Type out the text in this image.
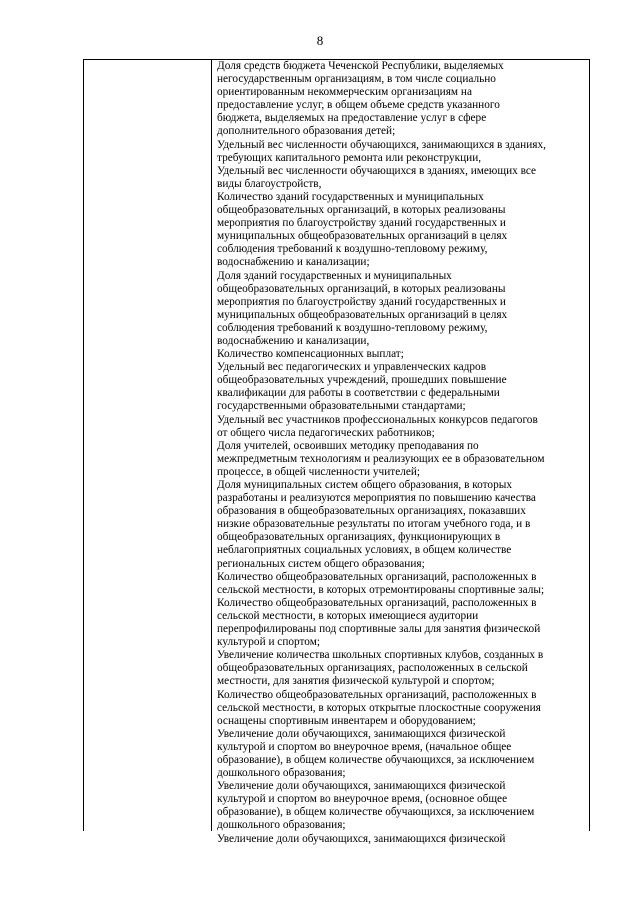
8
Доля средств бюджета Чеченской Республики, выделяемых
негосударственным организациям, в том числе социально
ориентированным некоммерческим организациям на
предоставление услуг, в общем объеме средств указанного
бюджета, выделяемых на предоставление услуг в сфере
дополнительного образования детей;
Удельный вес численности обучающихся, занимающихся в зданиях,
требующих капитального ремонта или реконструкции,
Удельный вес численности обучающихся в зданиях, имеющих все
виды благоустройств,
Количество зданий государственных и муниципальных
общеобразовательных организаций, в которых реализованы
мероприятия по благоустройству зданий государственных и
муниципальных общеобразовательных организаций в целях
соблюдения требований к воздушно-тепловому режиму,
водоснабжению и канализации;
Доля зданий государственных и муниципальных
общеобразовательных организаций, в которых реализованы
мероприятия по благоустройству зданий государственных и
муниципальных общеобразовательных организаций в целях
соблюдения требований к воздушно-тепловому режиму,
водоснабжению и канализации,
Количество компенсационных выплат;
Удельный вес педагогических и управленческих кадров
общеобразовательных учреждений, прошедших повышение
квалификации для работы в соответствии с федеральными
государственными образовательными стандартами;
Удельный вес участников профессиональных конкурсов педагогов
от общего числа педагогических работников;
Доля учителей, освоивших методику преподавания по
межпредметным технологиям и реализующих ее в образовательном
процессе, в общей численности учителей;
Доля муниципальных систем общего образования, в которых
разработаны и реализуются мероприятия по повышению качества
образования в общеобразовательных организациях, показавших
низкие образовательные результаты по итогам учебного года, и в
общеобразовательных организациях, функционирующих в
неблагоприятных социальных условиях, в общем количестве
региональных систем общего образования;
Количество общеобразовательных организаций, расположенных в
сельской местности, в которых отремонтированы спортивные залы;
Количество общеобразовательных организаций, расположенных в
сельской местности, в которых имеющиеся аудитории
перепрофилированы под спортивные залы для занятия физической
культурой и спортом;
Увеличение количества школьных спортивных клубов, созданных в
общеобразовательных организациях, расположенных в сельской
местности, для занятия физической культурой и спортом;
Количество общеобразовательных организаций, расположенных в
сельской местности, в которых открытые плоскостные сооружения
оснащены спортивным инвентарем и оборудованием;
Увеличение доли обучающихся, занимающихся физической
культурой и спортом во внеурочное время, (начальное общее
образование), в общем количестве обучающихся, за исключением
дошкольного образования;
Увеличение доли обучающихся, занимающихся физической
культурой и спортом во внеурочное время, (основное общее
образование), в общем количестве обучающихся, за исключением
дошкольного образования;
Увеличение доли обучающихся, занимающихся физической
